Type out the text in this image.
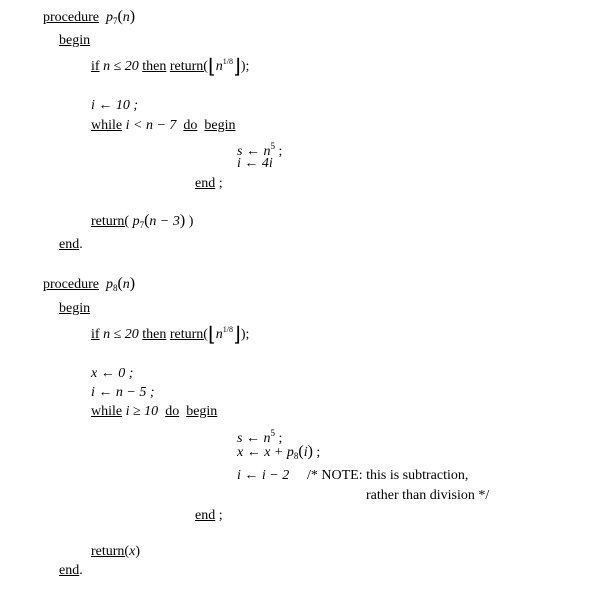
procedure $p_7(n)$
begin
if n ≤ 20 then $return(⌊n^{1/8}⌋)$;
i ← 10 ;
while i < n − 7 do begin
s ← $n^5$ ;
i ← 4i
end ;
return( $p_7(n - 3)$ )
end.
procedure $p_8(n)$
begin
if n ≤ 20 then $return(⌊n^{1/8}⌋)$;
x ← 0 ;
i ← n − 5 ;
while i ≥ 10 do begin
s ← $n^5$ ;
x ← $x + p_8(i)$ ;
i ← i − 2 /* NOTE: this is subtraction,
rather than division */
end ;
return(x)
end.
